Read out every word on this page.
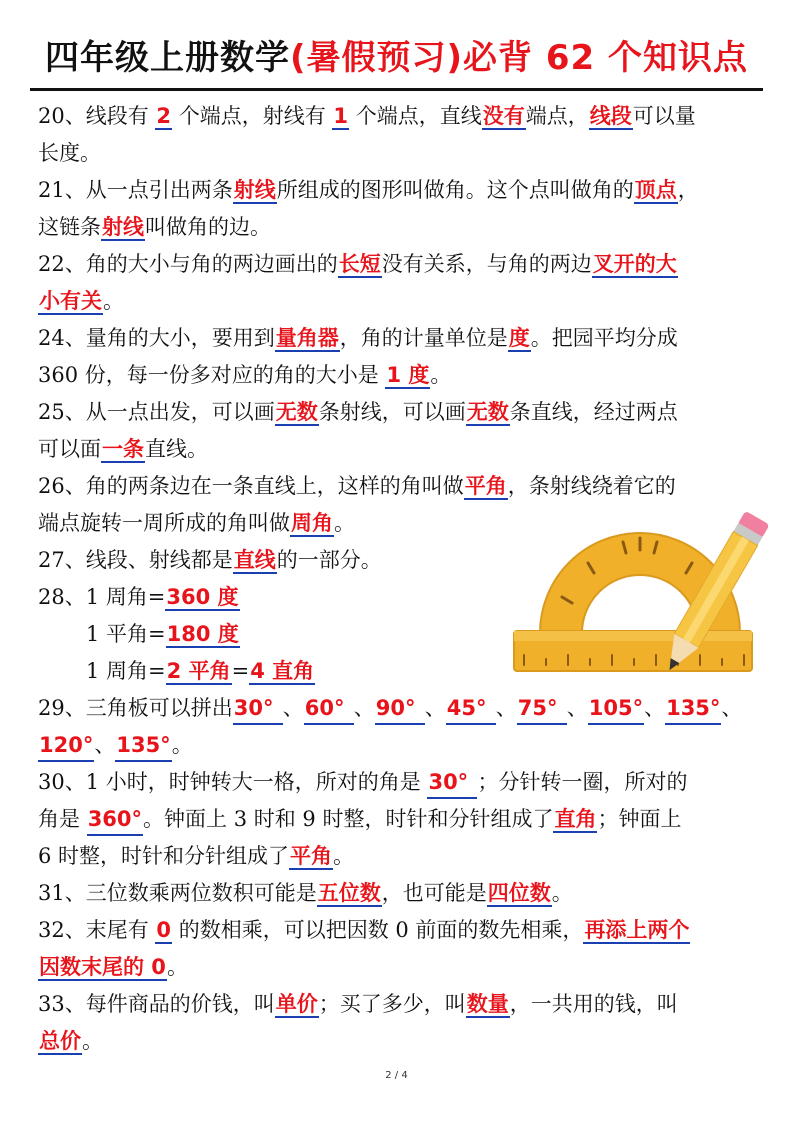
四年级上册数学(暑假预习)必背 62 个知识点
20、线段有 2 个端点，射线有 1 个端点，直线没有端点，线段可以量
长度。
21、从一点引出两条射线所组成的图形叫做角。这个点叫做角的顶点，
这链条射线叫做角的边。
22、角的大小与角的两边画出的长短没有关系，与角的两边叉开的大
小有关。
24、量角的大小，要用到量角器，角的计量单位是度。把园平均分成
360 份，每一份多对应的角的大小是 1 度。
25、从一点出发，可以画无数条射线，可以画无数条直线，经过两点
可以面一条直线。
26、角的两条边在一条直线上，这样的角叫做平角，条射线绕着它的
端点旋转一周所成的角叫做周角。
27、线段、射线都是直线的一部分。
28、1 周角=360 度
1 平角=180 度
1 周角=2 平角=4 直角
29、三角板可以拼出30° 、60° 、90° 、45° 、75° 、105°、135°、
120°、135°。
30、1 小时，时钟转大一格，所对的角是 30° ；分针转一圈，所对的
角是 360°。钟面上 3 时和 9 时整，时针和分针组成了直角；钟面上
6 时整，时针和分针组成了平角。
31、三位数乘两位数积可能是五位数，也可能是四位数。
32、末尾有 0 的数相乘，可以把因数 0 前面的数先相乘，再添上两个
因数末尾的 0。
33、每件商品的价钱，叫单价；买了多少，叫数量，一共用的钱，叫
总价。
2 / 4
